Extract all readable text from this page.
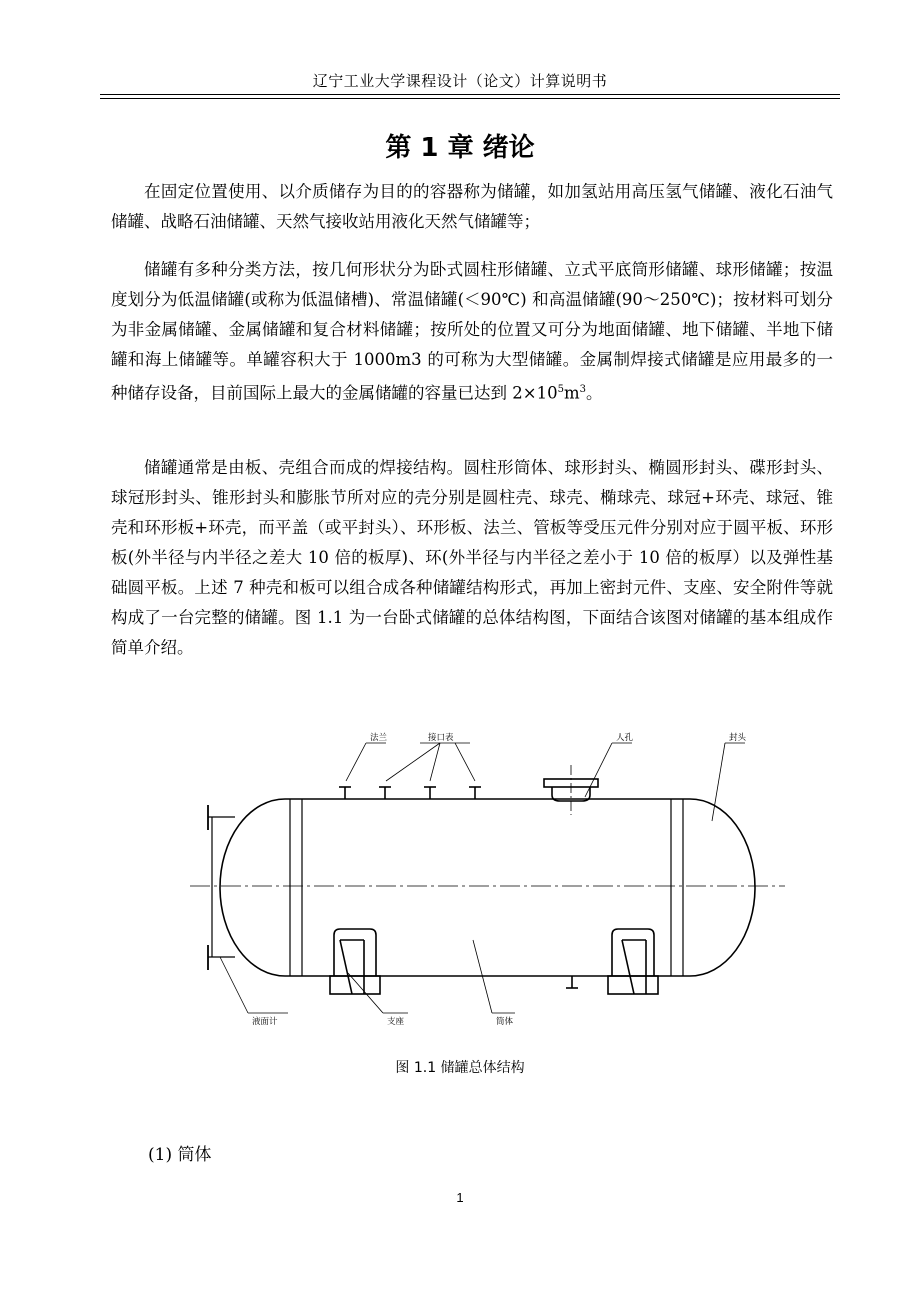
辽宁工业大学课程设计（论文）计算说明书
第 1 章 绪论

在固定位置使用、以介质储存为目的的容器称为储罐，如加氢站用高压氢气储罐、液化石油气储罐、战略石油储罐、天然气接收站用液化天然气储罐等；

储罐有多种分类方法，按几何形状分为卧式圆柱形储罐、立式平底筒形储罐、球形储罐；按温度划分为低温储罐(或称为低温储槽)、常温储罐(＜90℃) 和高温储罐(90～250℃)；按材料可划分为非金属储罐、金属储罐和复合材料储罐；按所处的位置又可分为地面储罐、地下储罐、半地下储罐和海上储罐等。单罐容积大于 1000m3 的可称为大型储罐。金属制焊接式储罐是应用最多的一种储存设备，目前国际上最大的金属储罐的容量已达到 $2\times 10^5m^3$。

储罐通常是由板、壳组合而成的焊接结构。圆柱形筒体、球形封头、椭圆形封头、碟形封头、球冠形封头、锥形封头和膨胀节所对应的壳分别是圆柱壳、球壳、椭球壳、球冠+环壳、球冠、锥壳和环形板+环壳，而平盖（或平封头）、环形板、法兰、管板等受压元件分别对应于圆平板、环形板(外半径与内半径之差大 10 倍的板厚)、环(外半径与内半径之差小于 10 倍的板厚）以及弹性基础圆平板。上述 7 种壳和板可以组合成各种储罐结构形式，再加上密封元件、支座、安全附件等就构成了一台完整的储罐。图 1.1 为一台卧式储罐的总体结构图，下面结合该图对储罐的基本组成作简单介绍。

法兰	接口表	人孔	封头
液面计	支座	筒体
图 1.1 储罐总体结构
(1) 筒体
1
